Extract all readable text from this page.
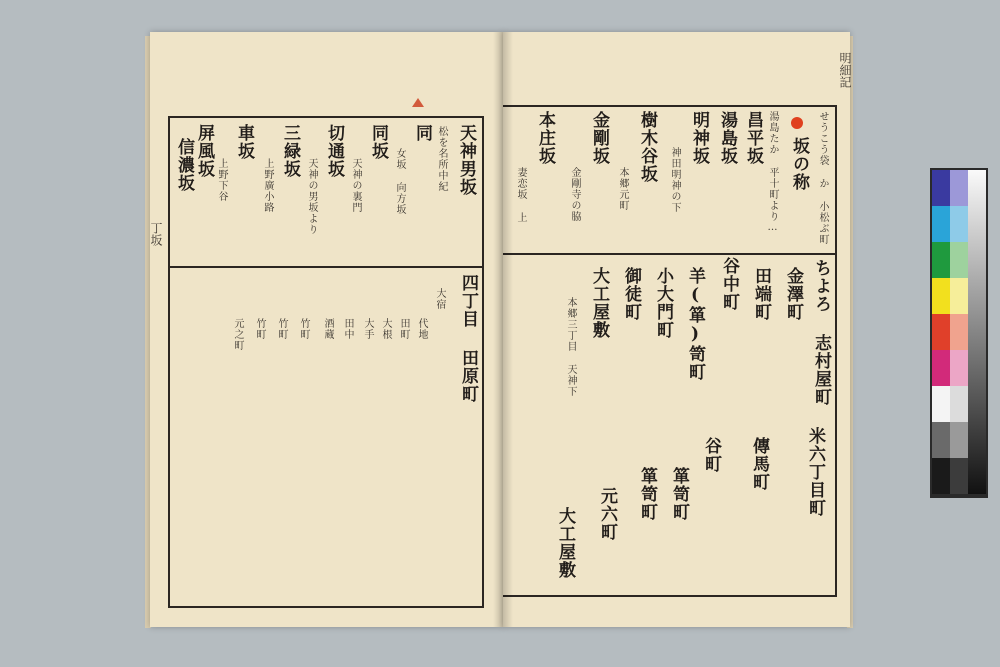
丁坂
天神男坂
松を名所中紀
同
女坂 向方坂
同坂
天神の裏門
切通坂
天神の男坂より
三緑坂
上野廣小路
車坂
上野下谷
屏風坂
信濃坂
四丁目 田原町
大宿
代地
田町
大根
大手
田中
酒蔵
竹町
竹町
竹町
元之町
明細記
せうこう袋 か 小松ぶ町
坂の称
湯島たか 平十町より…
昌平坂
湯島坂
明神坂
神田明神の下
樹木谷坂
本郷元町
金剛坂
金剛寺の脇
本庄坂
妻恋坂 上
ちよろ 志村屋町
金澤町
田端町
谷中町
羊(箪)笥町
小大門町
御徒町
大工屋敷
本郷三丁目 天神下
米六丁目町
傳馬町
谷町
箪笥町
箪笥町
元六町
大工屋敷
